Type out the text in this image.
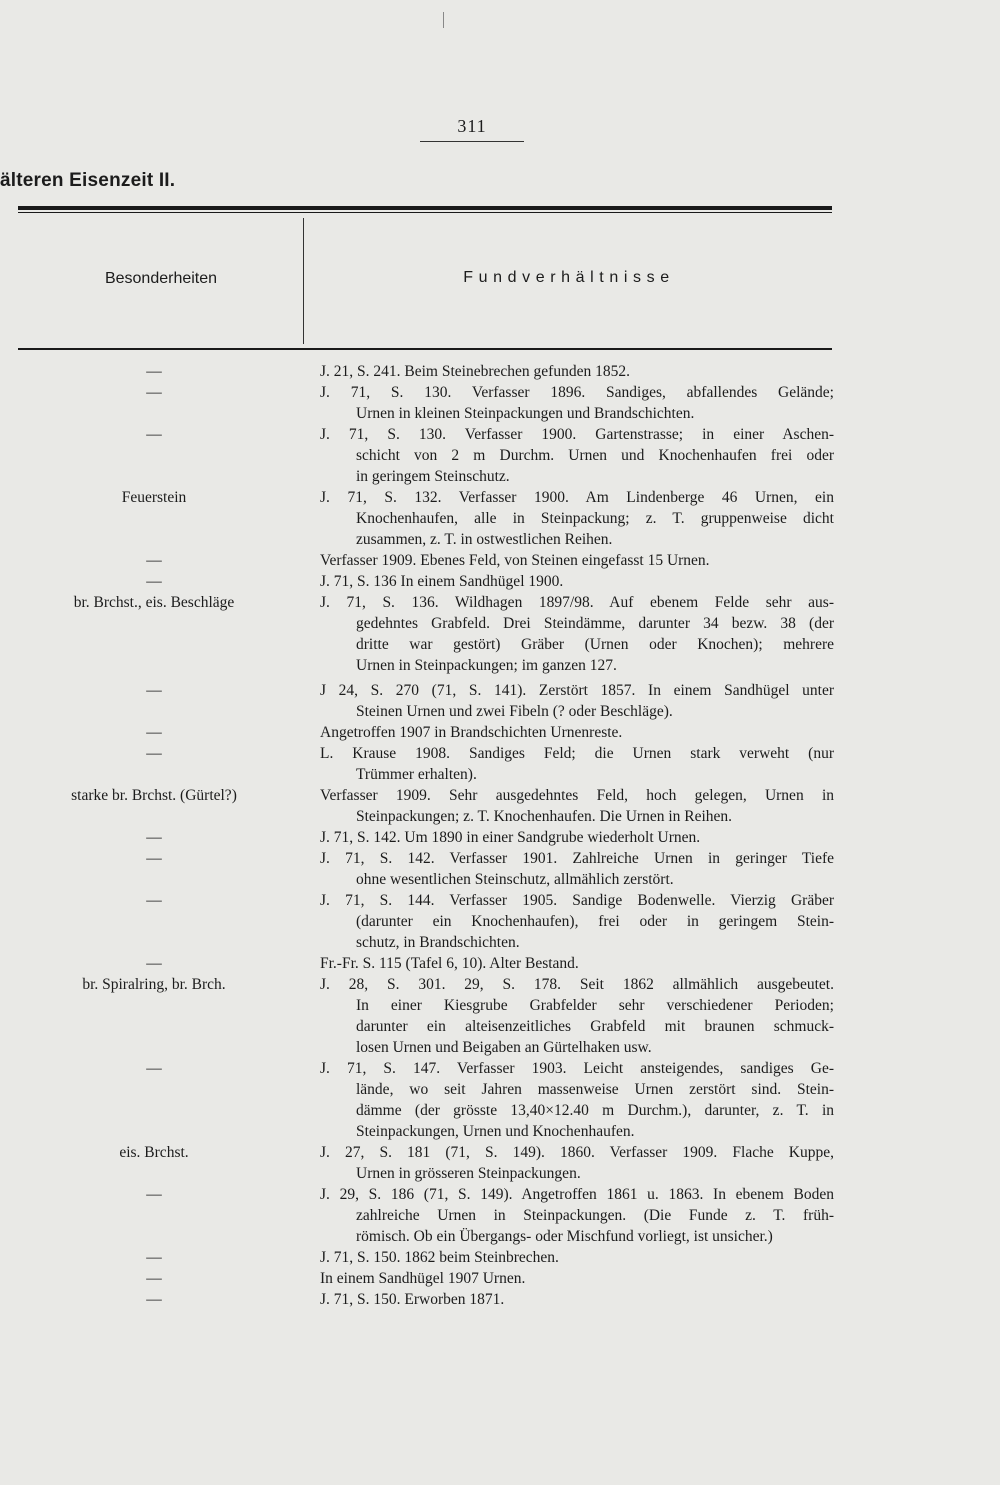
311
älteren Eisenzeit II.
Besonderheiten	Fundverhältnisse
—	J. 21, S. 241. Beim Steinebrechen gefunden 1852.
—	J. 71, S. 130. Verfasser 1896. Sandiges, abfallendes Gelände;
Urnen in kleinen Steinpackungen und Brandschichten.
—	J. 71, S. 130. Verfasser 1900. Gartenstrasse; in einer Aschen-
schicht von 2 m Durchm. Urnen und Knochenhaufen frei oder
in geringem Steinschutz.
Feuerstein	J. 71, S. 132. Verfasser 1900. Am Lindenberge 46 Urnen, ein
Knochenhaufen, alle in Steinpackung; z. T. gruppenweise dicht
zusammen, z. T. in ostwestlichen Reihen.
—	Verfasser 1909. Ebenes Feld, von Steinen eingefasst 15 Urnen.
—	J. 71, S. 136 In einem Sandhügel 1900.
br. Brchst., eis. Beschläge	J. 71, S. 136. Wildhagen 1897/98. Auf ebenem Felde sehr aus-
gedehntes Grabfeld. Drei Steindämme, darunter 34 bezw. 38 (der
dritte war gestört) Gräber (Urnen oder Knochen); mehrere
Urnen in Steinpackungen; im ganzen 127.
—	J 24, S. 270 (71, S. 141). Zerstört 1857. In einem Sandhügel unter
Steinen Urnen und zwei Fibeln (? oder Beschläge).
—	Angetroffen 1907 in Brandschichten Urnenreste.
—	L. Krause 1908. Sandiges Feld; die Urnen stark verweht (nur
Trümmer erhalten).
starke br. Brchst. (Gürtel?)	Verfasser 1909. Sehr ausgedehntes Feld, hoch gelegen, Urnen in
Steinpackungen; z. T. Knochenhaufen. Die Urnen in Reihen.
—	J. 71, S. 142. Um 1890 in einer Sandgrube wiederholt Urnen.
—	J. 71, S. 142. Verfasser 1901. Zahlreiche Urnen in geringer Tiefe
ohne wesentlichen Steinschutz, allmählich zerstört.
—	J. 71, S. 144. Verfasser 1905. Sandige Bodenwelle. Vierzig Gräber
(darunter ein Knochenhaufen), frei oder in geringem Stein-
schutz, in Brandschichten.
—	Fr.-Fr. S. 115 (Tafel 6, 10). Alter Bestand.
br. Spiralring, br. Brch.	J. 28, S. 301. 29, S. 178. Seit 1862 allmählich ausgebeutet.
In einer Kiesgrube Grabfelder sehr verschiedener Perioden;
darunter ein alteisenzeitliches Grabfeld mit braunen schmuck-
losen Urnen und Beigaben an Gürtelhaken usw.
—	J. 71, S. 147. Verfasser 1903. Leicht ansteigendes, sandiges Ge-
lände, wo seit Jahren massenweise Urnen zerstört sind. Stein-
dämme (der grösste 13,40×12.40 m Durchm.), darunter, z. T. in
Steinpackungen, Urnen und Knochenhaufen.
eis. Brchst.	J. 27, S. 181 (71, S. 149). 1860. Verfasser 1909. Flache Kuppe,
Urnen in grösseren Steinpackungen.
—	J. 29, S. 186 (71, S. 149). Angetroffen 1861 u. 1863. In ebenem Boden
zahlreiche Urnen in Steinpackungen. (Die Funde z. T. früh-
römisch. Ob ein Übergangs- oder Mischfund vorliegt, ist unsicher.)
—	J. 71, S. 150. 1862 beim Steinbrechen.
—	In einem Sandhügel 1907 Urnen.
—	J. 71, S. 150. Erworben 1871.
